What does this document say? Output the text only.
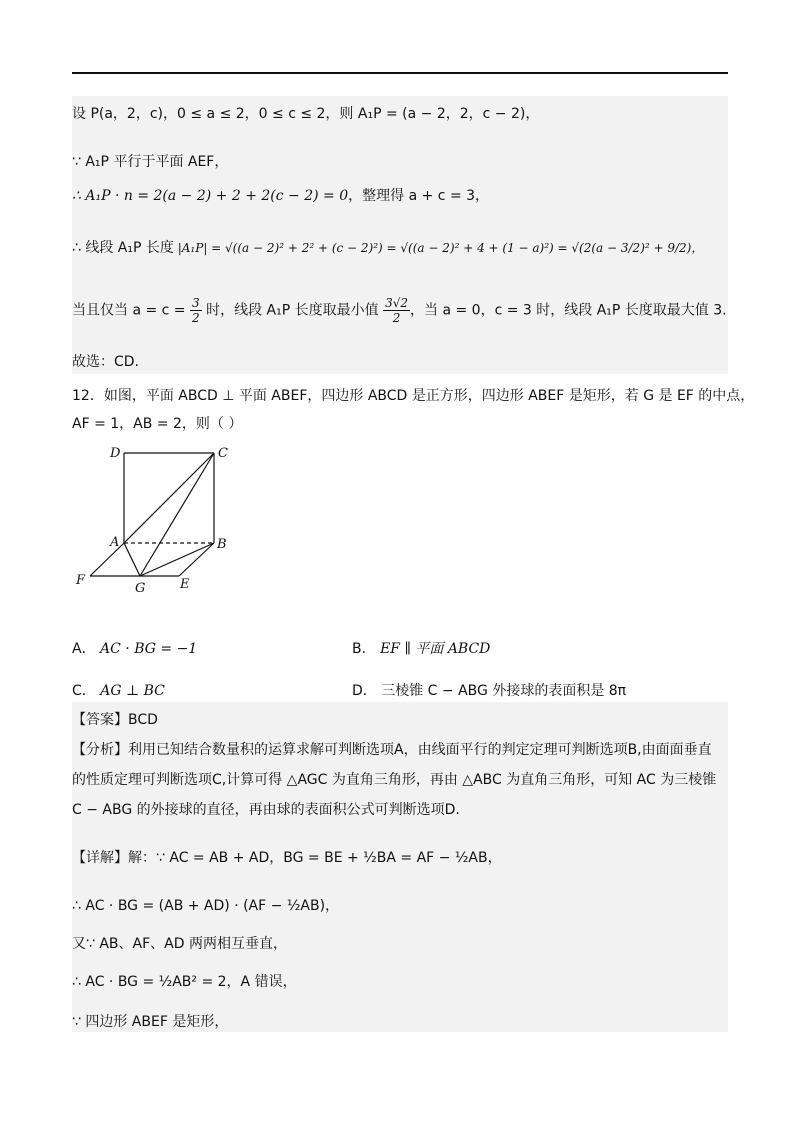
设 P(a，2，c)，0 ≤ a ≤ 2，0 ≤ c ≤ 2，则 A₁P = (a − 2，2，c − 2)，
∵ A₁P 平行于平面 AEF，
∴ A₁P · n = 2(a − 2) + 2 + 2(c − 2) = 0，整理得 a + c = 3，
∴ 线段 A₁P 长度 |A₁P| = √((a − 2)² + 2² + (c − 2)²) = √((a − 2)² + 4 + (1 − a)²) = √(2(a − 3/2)² + 9/2)，
当且仅当 $a = c = \frac{3}{2}$ 时，线段 A₁P 长度取最小值 $\frac{3√2}{2}$ ，当 a = 0，c = 3 时，线段 A₁P 长度取最大值 3.
故选：CD.
12．如图，平面 ABCD ⊥ 平面 ABEF，四边形 ABCD 是正方形，四边形 ABEF 是矩形，若 G 是 EF 的中点，
AF = 1，AB = 2，则（ ）
D	C
A	B
F
G	E
A． AC · BG = −1	B． EF ∥ 平面 ABCD
C． AG ⊥ BC	D． 三棱锥 C − ABG 外接球的表面积是 8π
【答案】BCD
【分析】利用已知结合数量积的运算求解可判断选项A，由线面平行的判定定理可判断选项B,由面面垂直
的性质定理可判断选项C,计算可得 △AGC 为直角三角形，再由 △ABC 为直角三角形，可知 AC 为三棱锥
C − ABG 的外接球的直径，再由球的表面积公式可判断选项D.
【详解】解：∵ AC = AB + AD，BG = BE + ½BA = AF − ½AB，
∴ AC · BG = (AB + AD) · (AF − ½AB)，
又∵ AB、AF、AD 两两相互垂直，
∴ AC · BG = ½AB² = 2，A 错误，
∵ 四边形 ABEF 是矩形，
